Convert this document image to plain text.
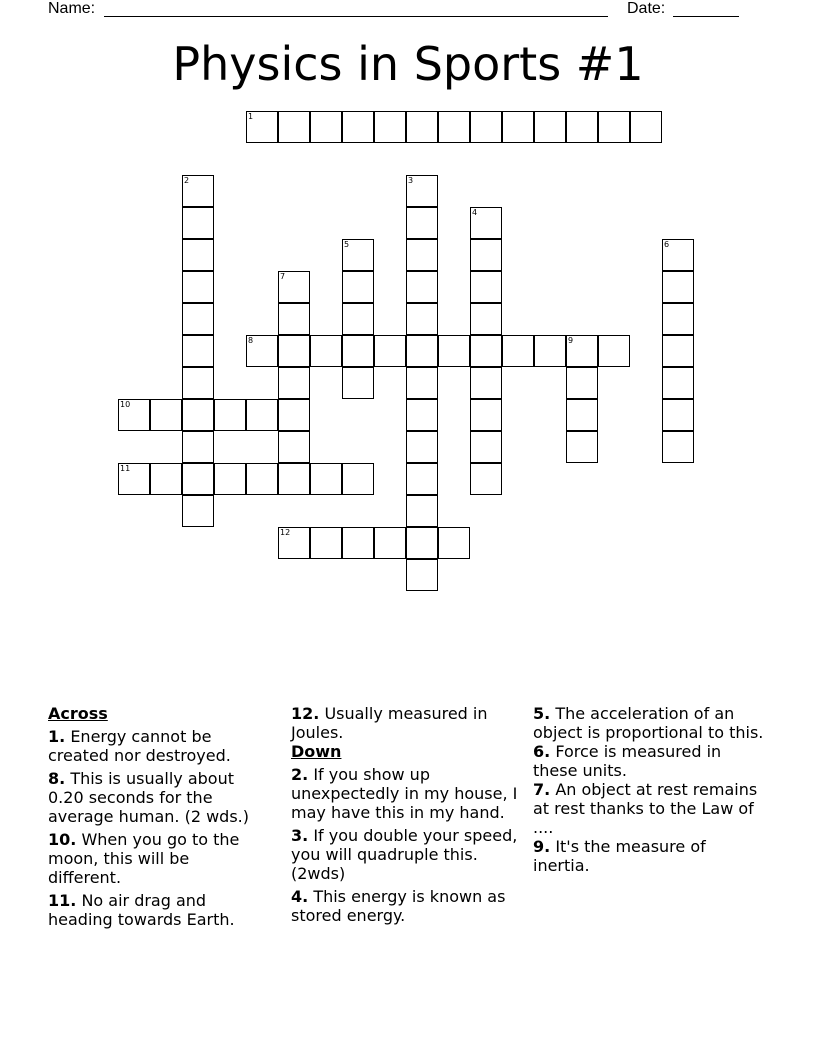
Name:	Date:
Physics in Sports #1
1
2	3
4
5	6
7
8	9
10
11
12
Across
1. Energy cannot be created nor destroyed.
8. This is usually about 0.20 seconds for the average human. (2 wds.)
10. When you go to the moon, this will be different.
11. No air drag and heading towards Earth.
12. Usually measured in Joules.
Down
2. If you show up unexpectedly in my house, I may have this in my hand.
3. If you double your speed, you will quadruple this. (2wds)
4. This energy is known as stored energy.
5. The acceleration of an object is proportional to this.
6. Force is measured in these units.
7. An object at rest remains at rest thanks to the Law of ....
9. It's the measure of inertia.
